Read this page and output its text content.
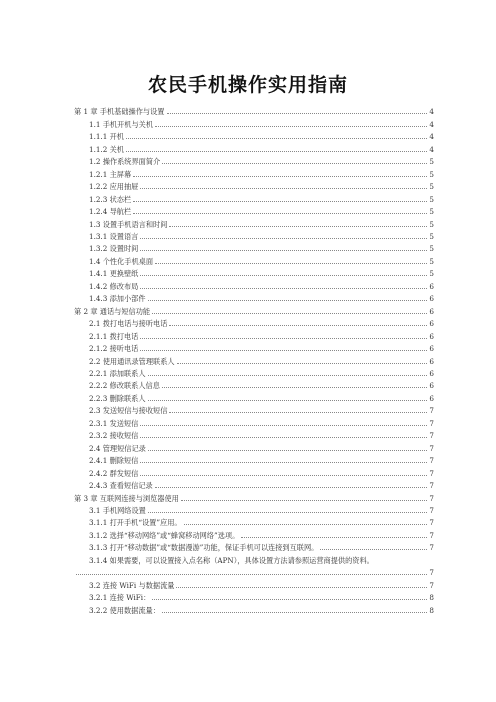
农民手机操作实用指南
第 1 章 手机基础操作与设置	4
1.1 手机开机与关机	4
1.1.1 开机	4
1.1.2 关机	4
1.2 操作系统界面简介	5
1.2.1 主屏幕	5
1.2.2 应用抽屉	5
1.2.3 状态栏	5
1.2.4 导航栏	5
1.3 设置手机语言和时间	5
1.3.1 设置语言	5
1.3.2 设置时间	5
1.4 个性化手机桌面	5
1.4.1 更换壁纸	5
1.4.2 修改布局	6
1.4.3 添加小部件	6
第 2 章 通话与短信功能	6
2.1 拨打电话与接听电话	6
2.1.1 拨打电话	6
2.1.2 接听电话	6
2.2 使用通讯录管理联系人	6
2.2.1 添加联系人	6
2.2.2 修改联系人信息	6
2.2.3 删除联系人	6
2.3 发送短信与接收短信	7
2.3.1 发送短信	7
2.3.2 接收短信	7
2.4 管理短信记录	7
2.4.1 删除短信	7
2.4.2 群发短信	7
2.4.3 查看短信记录	7
第 3 章 互联网连接与浏览器使用	7
3.1 手机网络设置	7
3.1.1 打开手机“设置”应用。	7
3.1.2 选择“移动网络”或“蜂窝移动网络”选项。	7
3.1.3 打开“移动数据”或“数据漫游”功能，保证手机可以连接到互联网。	7
3.1.4 如果需要，可以设置接入点名称（APN），具体设置方法请参照运营商提供的资料。
7
3.2 连接 WiFi 与数据流量	7
3.2.1 连接 WiFi：	8
3.2.2 使用数据流量：	8
